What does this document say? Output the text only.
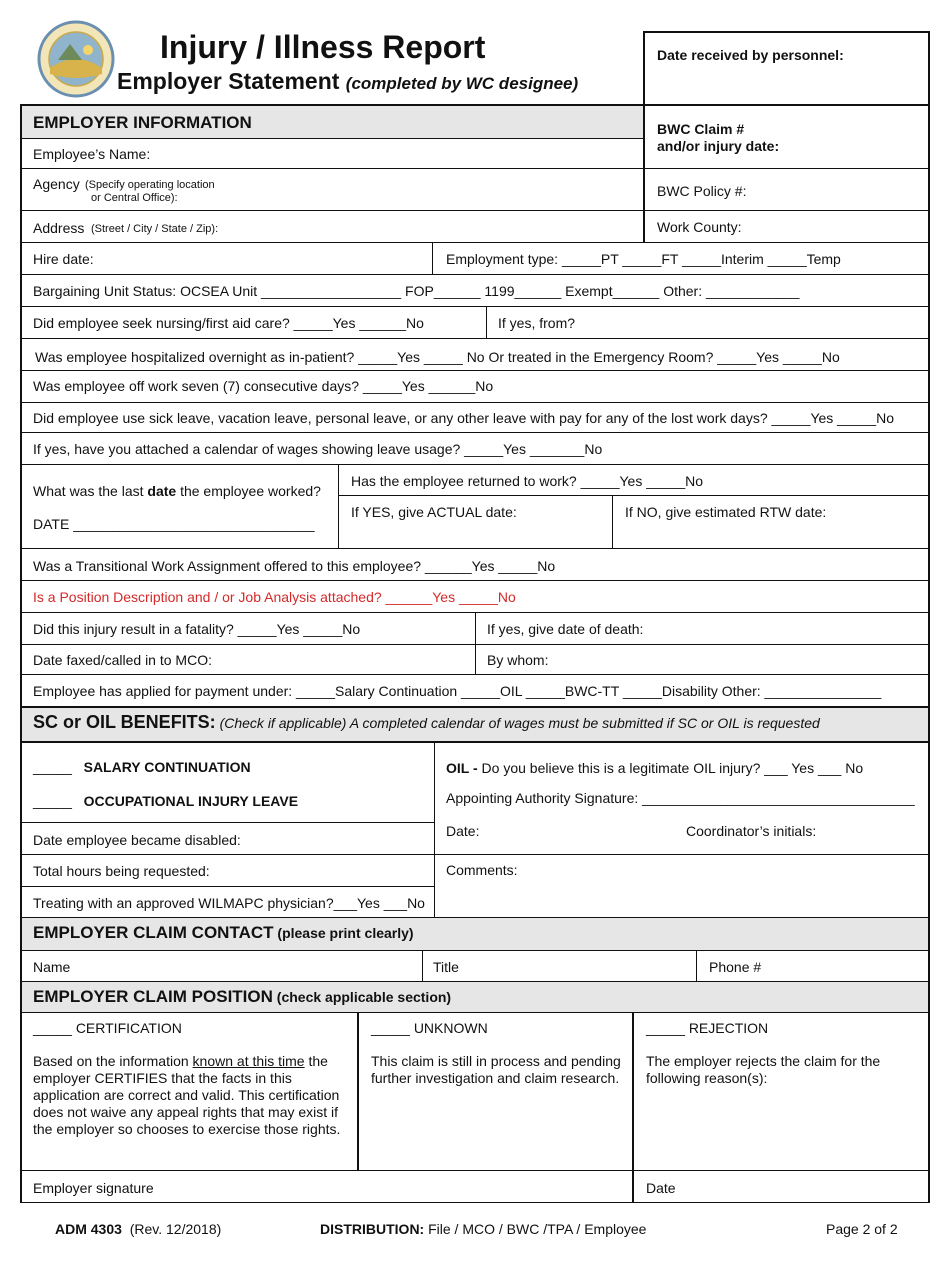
Injury / Illness Report
Employer Statement (completed by WC designee)
Date received by personnel:
EMPLOYER INFORMATION	BWC Claim #
and/or injury date:
Employee’s Name:
Agency (Specify operating location
or Central Office):	BWC Policy #:
Address (Street / City / State / Zip):	Work County:
Hire date:	Employment type: _____PT _____FT _____Interim _____Temp
Bargaining Unit Status: OCSEA Unit __________________ FOP______ 1199______ Exempt______ Other: ____________
Did employee seek nursing/first aid care? _____Yes ______No	If yes, from?
Was employee hospitalized overnight as in-patient? _____Yes _____ No Or treated in the Emergency Room? _____Yes _____No
Was employee off work seven (7) consecutive days? _____Yes ______No
Did employee use sick leave, vacation leave, personal leave, or any other leave with pay for any of the lost work days? _____Yes _____No
If yes, have you attached a calendar of wages showing leave usage? _____Yes _______No
What was the last date the employee worked?
DATE _______________________________
Has the employee returned to work? _____Yes _____No
If YES, give ACTUAL date:	If NO, give estimated RTW date:
Was a Transitional Work Assignment offered to this employee? ______Yes _____No
Is a Position Description and / or Job Analysis attached? ______Yes _____No
Did this injury result in a fatality? _____Yes _____No	If yes, give date of death:
Date faxed/called in to MCO:	By whom:
Employee has applied for payment under: _____Salary Continuation _____OIL _____BWC-TT _____Disability Other: _______________
SC or OIL BENEFITS: (Check if applicable) A completed calendar of wages must be submitted if SC or OIL is requested
_____ SALARY CONTINUATION
_____ OCCUPATIONAL INJURY LEAVE
OIL - Do you believe this is a legitimate OIL injury? ___ Yes ___ No
Appointing Authority Signature: ___________________________________
Date employee became disabled:
Date:	Coordinator’s initials:
Total hours being requested:	Comments:
Treating with an approved WILMAPC physician?___Yes ___No
EMPLOYER CLAIM CONTACT (please print clearly)
Name	Title	Phone #
EMPLOYER CLAIM POSITION (check applicable section)
_____ CERTIFICATION
Based on the information known at this time the employer CERTIFIES that the facts in this application are correct and valid. This certification does not waive any appeal rights that may exist if the employer so chooses to exercise those rights.
_____ UNKNOWN
This claim is still in process and pending further investigation and claim research.
_____ REJECTION
The employer rejects the claim for the following reason(s):
Employer signature	Date
ADM 4303 (Rev. 12/2018)	DISTRIBUTION: File / MCO / BWC /TPA / Employee	Page 2 of 2
